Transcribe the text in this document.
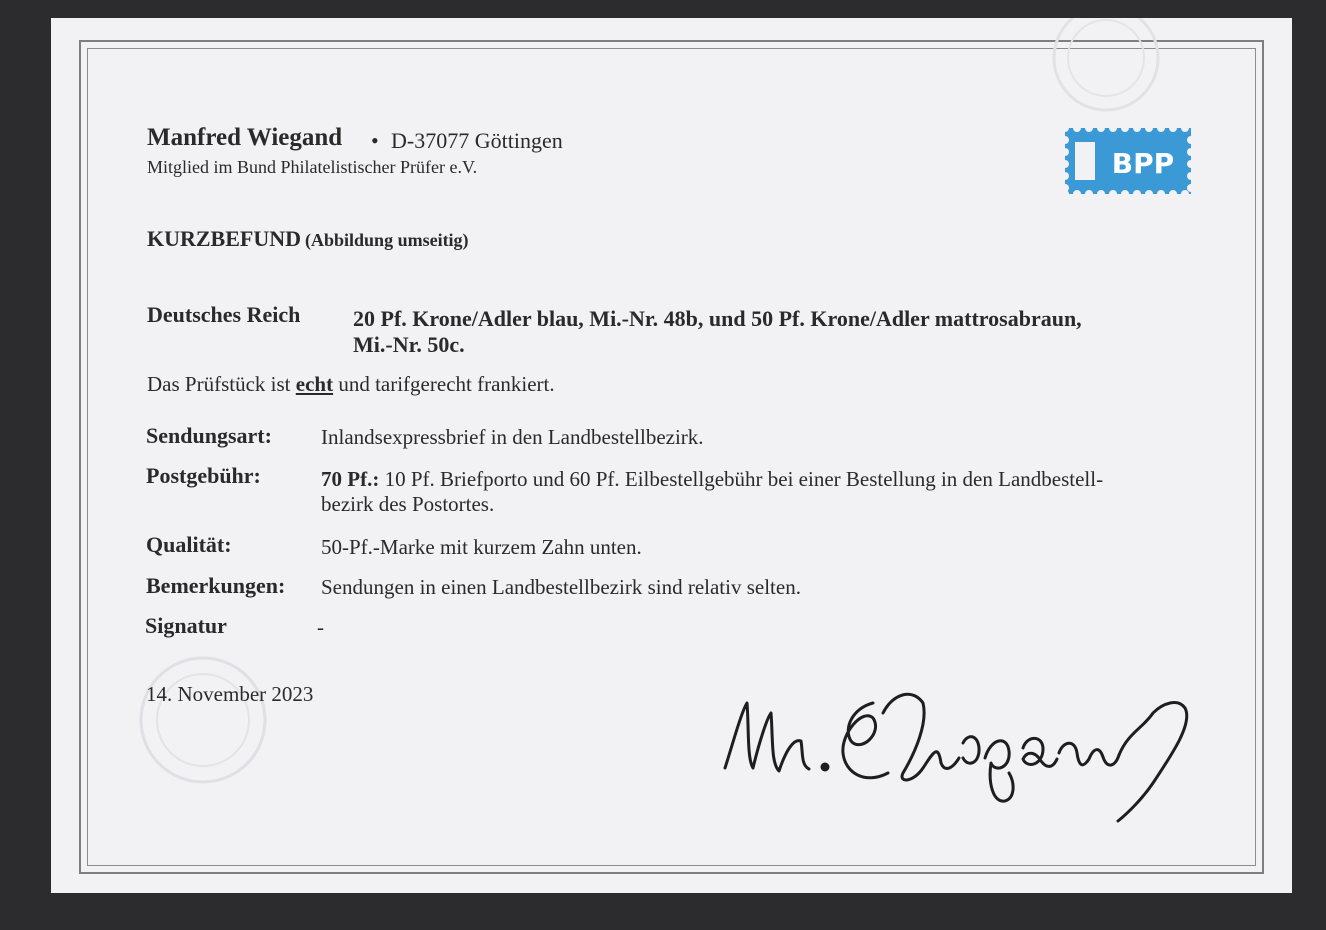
Manfred Wiegand • D-37077 Göttingen
Mitglied im Bund Philatelistischer Prüfer e.V.	BPP
KURZBEFUND (Abbildung umseitig)
Deutsches Reich 20 Pf. Krone/Adler blau, Mi.-Nr. 48b, und 50 Pf. Krone/Adler mattrosabraun,
Mi.-Nr. 50c.
Das Prüfstück ist echt und tarifgerecht frankiert.
Sendungsart: Inlandsexpressbrief in den Landbestellbezirk.
Postgebühr:	70 Pf.: 10 Pf. Briefporto und 60 Pf. Eilbestellgebühr bei einer Bestellung in den Landbestell-
bezirk des Postortes.
Qualität:	50-Pf.-Marke mit kurzem Zahn unten.
Bemerkungen: Sendungen in einen Landbestellbezirk sind relativ selten.
Signatur	-
14. November 2023
